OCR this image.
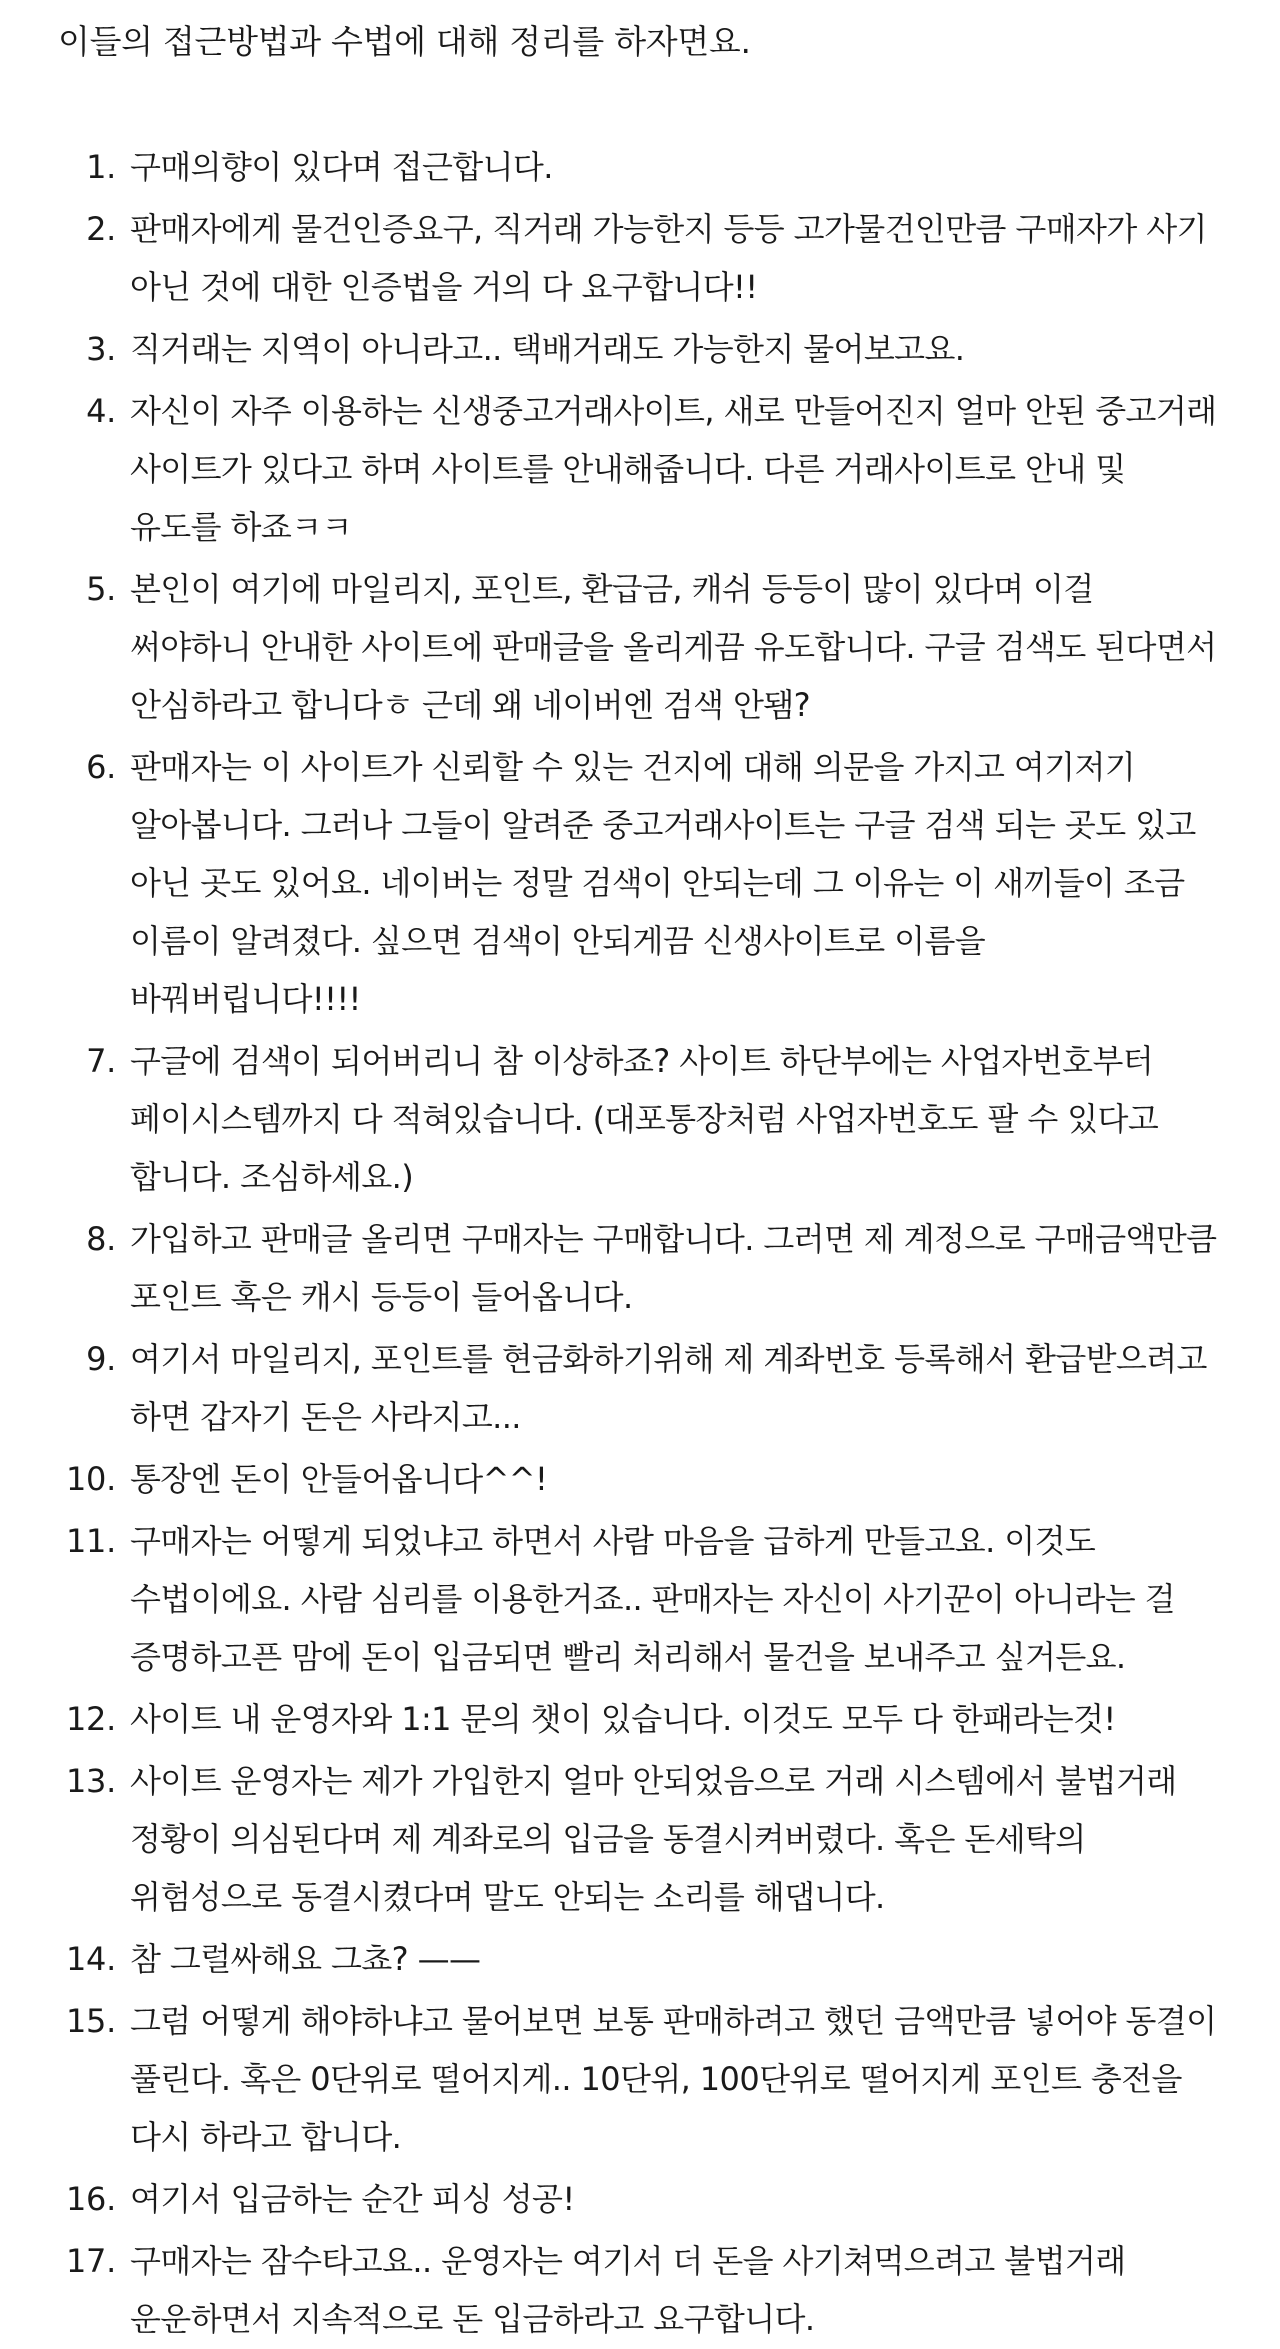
이들의 접근방법과 수법에 대해 정리를 하자면요.

1. 구매의향이 있다며 접근합니다.
2. 판매자에게 물건인증요구, 직거래 가능한지 등등 고가물건인만큼 구매자가 사기 아닌 것에 대한 인증법을 거의 다 요구합니다!!
3. 직거래는 지역이 아니라고.. 택배거래도 가능한지 물어보고요.
4. 자신이 자주 이용하는 신생중고거래사이트, 새로 만들어진지 얼마 안된 중고거래 사이트가 있다고 하며 사이트를 안내해줍니다. 다른 거래사이트로 안내 및 유도를 하죠ㅋㅋ
5. 본인이 여기에 마일리지, 포인트, 환급금, 캐쉬 등등이 많이 있다며 이걸 써야하니 안내한 사이트에 판매글을 올리게끔 유도합니다. 구글 검색도 된다면서 안심하라고 합니다ㅎ 근데 왜 네이버엔 검색 안됌?
6. 판매자는 이 사이트가 신뢰할 수 있는 건지에 대해 의문을 가지고 여기저기 알아봅니다. 그러나 그들이 알려준 중고거래사이트는 구글 검색 되는 곳도 있고 아닌 곳도 있어요. 네이버는 정말 검색이 안되는데 그 이유는 이 새끼들이 조금 이름이 알려졌다. 싶으면 검색이 안되게끔 신생사이트로 이름을 바꿔버립니다!!!!
7. 구글에 검색이 되어버리니 참 이상하죠? 사이트 하단부에는 사업자번호부터 페이시스템까지 다 적혀있습니다. (대포통장처럼 사업자번호도 팔 수 있다고 합니다. 조심하세요.)
8. 가입하고 판매글 올리면 구매자는 구매합니다. 그러면 제 계정으로 구매금액만큼 포인트 혹은 캐시 등등이 들어옵니다.
9. 여기서 마일리지, 포인트를 현금화하기위해 제 계좌번호 등록해서 환급받으려고 하면 갑자기 돈은 사라지고...
10. 통장엔 돈이 안들어옵니다^^!
11. 구매자는 어떻게 되었냐고 하면서 사람 마음을 급하게 만들고요. 이것도 수법이에요. 사람 심리를 이용한거죠.. 판매자는 자신이 사기꾼이 아니라는 걸 증명하고픈 맘에 돈이 입금되면 빨리 처리해서 물건을 보내주고 싶거든요.
12. 사이트 내 운영자와 1:1 문의 챗이 있습니다. 이것도 모두 다 한패라는것!
13. 사이트 운영자는 제가 가입한지 얼마 안되었음으로 거래 시스템에서 불법거래 정황이 의심된다며 제 계좌로의 입금을 동결시켜버렸다. 혹은 돈세탁의 위험성으로 동결시켰다며 말도 안되는 소리를 해댑니다.
14. 참 그럴싸해요 그쵸? ——
15. 그럼 어떻게 해야하냐고 물어보면 보통 판매하려고 했던 금액만큼 넣어야 동결이 풀린다. 혹은 0단위로 떨어지게.. 10단위, 100단위로 떨어지게 포인트 충전을 다시 하라고 합니다.
16. 여기서 입금하는 순간 피싱 성공!
17. 구매자는 잠수타고요.. 운영자는 여기서 더 돈을 사기쳐먹으려고 불법거래 운운하면서 지속적으로 돈 입금하라고 요구합니다.
